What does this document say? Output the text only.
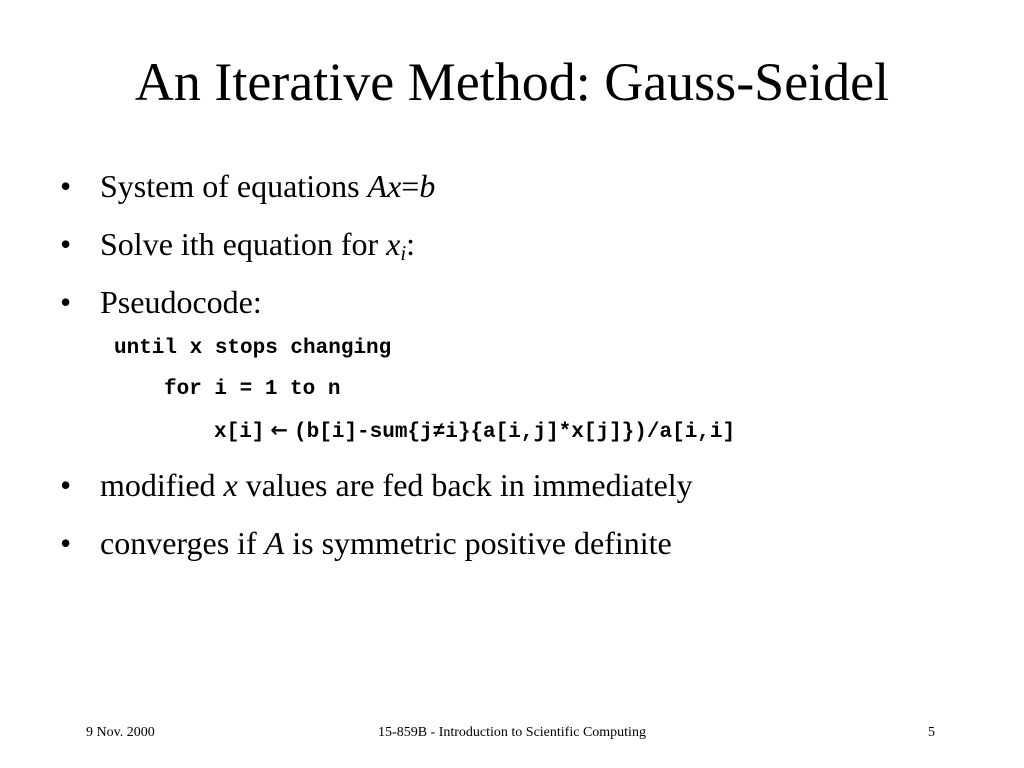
An Iterative Method: Gauss-Seidel
• System of equations Ax=b
• Solve ith equation for $x_i$:
• Pseudocode:
until x stops changing
for i = 1 to n
x[i] ← (b[i]-sum{j≠i}{a[i,j]*x[j]})/a[i,i]
• modified x values are fed back in immediately
• converges if A is symmetric positive definite
9 Nov. 2000	15-859B - Introduction to Scientific Computing	5
